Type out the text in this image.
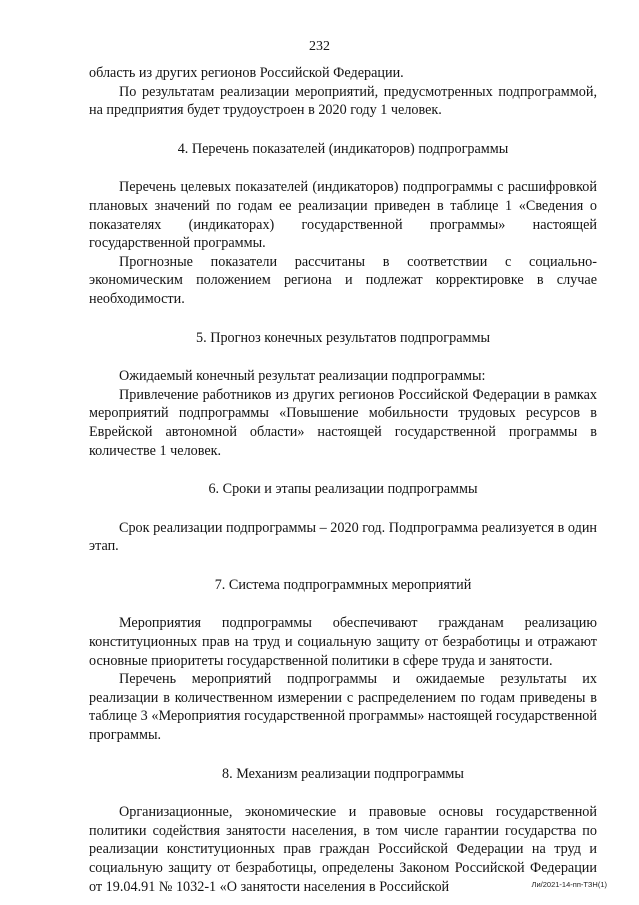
232

область из других регионов Российской Федерации.

По результатам реализации мероприятий, предусмотренных подпрограммой, на предприятия будет трудоустроен в 2020 году 1 человек.

4. Перечень показателей (индикаторов) подпрограммы

Перечень целевых показателей (индикаторов) подпрограммы с расшифровкой плановых значений по годам ее реализации приведен в таблице 1 «Сведения о показателях (индикаторах) государственной программы» настоящей государственной программы.

Прогнозные показатели рассчитаны в соответствии с социально-экономическим положением региона и подлежат корректировке в случае необходимости.

5. Прогноз конечных результатов подпрограммы

Ожидаемый конечный результат реализации подпрограммы:

Привлечение работников из других регионов Российской Федерации в рамках мероприятий подпрограммы «Повышение мобильности трудовых ресурсов в Еврейской автономной области» настоящей государственной программы в количестве 1 человек.

6. Сроки и этапы реализации подпрограммы

Срок реализации подпрограммы – 2020 год. Подпрограмма реализуется в один этап.

7. Система подпрограммных мероприятий

Мероприятия подпрограммы обеспечивают гражданам реализацию конституционных прав на труд и социальную защиту от безработицы и отражают основные приоритеты государственной политики в сфере труда и занятости.

Перечень мероприятий подпрограммы и ожидаемые результаты их реализации в количественном измерении с распределением по годам приведены в таблице 3 «Мероприятия государственной программы» настоящей государственной программы.

8. Механизм реализации подпрограммы

Организационные, экономические и правовые основы государственной политики содействия занятости населения, в том числе гарантии государства по реализации конституционных прав граждан Российской Федерации на труд и социальную защиту от безработицы, определены Законом Российской Федерации от 19.04.91 № 1032-1 «О занятости населения в Российской	Ли/2021-14-пп-ТЗН(1)
